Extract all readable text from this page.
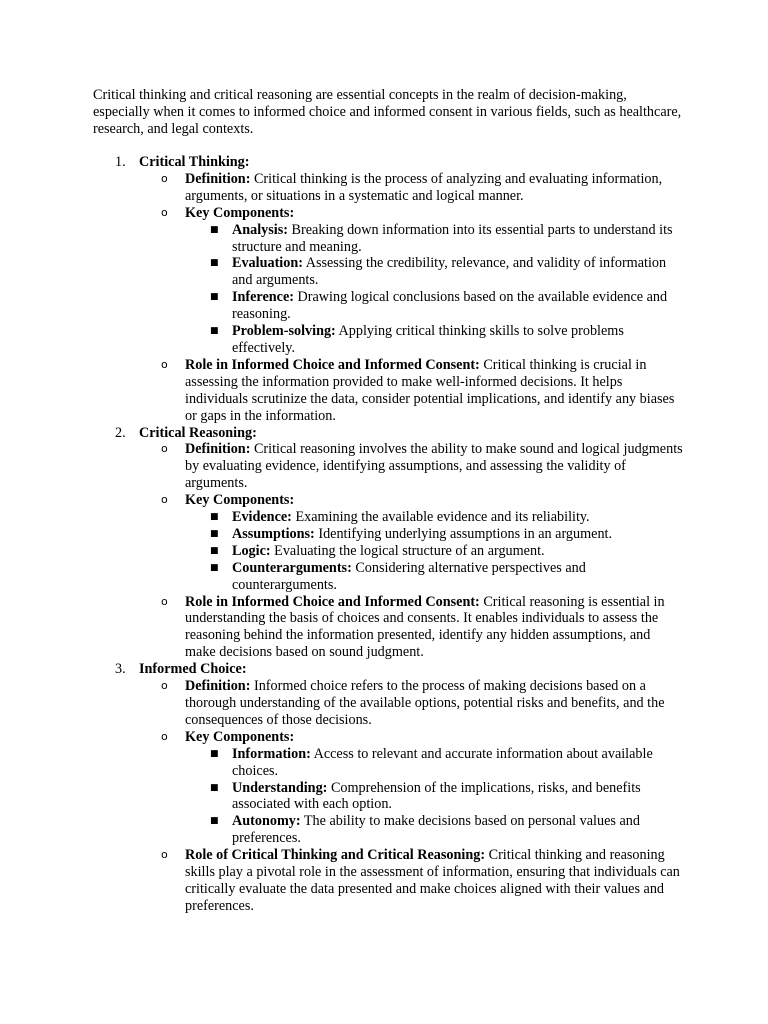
Critical thinking and critical reasoning are essential concepts in the realm of decision-making, especially when it comes to informed choice and informed consent in various fields, such as healthcare, research, and legal contexts.

1. Critical Thinking:
o Definition: Critical thinking is the process of analyzing and evaluating information, arguments, or situations in a systematic and logical manner.
o Key Components:
■ Analysis: Breaking down information into its essential parts to understand its structure and meaning.
■ Evaluation: Assessing the credibility, relevance, and validity of information and arguments.
■ Inference: Drawing logical conclusions based on the available evidence and reasoning.
■ Problem-solving: Applying critical thinking skills to solve problems effectively.
o Role in Informed Choice and Informed Consent: Critical thinking is crucial in assessing the information provided to make well-informed decisions. It helps individuals scrutinize the data, consider potential implications, and identify any biases or gaps in the information.
2. Critical Reasoning:
o Definition: Critical reasoning involves the ability to make sound and logical judgments by evaluating evidence, identifying assumptions, and assessing the validity of arguments.
o Key Components:
■ Evidence: Examining the available evidence and its reliability.
■ Assumptions: Identifying underlying assumptions in an argument.
■ Logic: Evaluating the logical structure of an argument.
■ Counterarguments: Considering alternative perspectives and counterarguments.
o Role in Informed Choice and Informed Consent: Critical reasoning is essential in understanding the basis of choices and consents. It enables individuals to assess the reasoning behind the information presented, identify any hidden assumptions, and make decisions based on sound judgment.
3. Informed Choice:
o Definition: Informed choice refers to the process of making decisions based on a thorough understanding of the available options, potential risks and benefits, and the consequences of those decisions.
o Key Components:
■ Information: Access to relevant and accurate information about available choices.
■ Understanding: Comprehension of the implications, risks, and benefits associated with each option.
■ Autonomy: The ability to make decisions based on personal values and preferences.
o Role of Critical Thinking and Critical Reasoning: Critical thinking and reasoning skills play a pivotal role in the assessment of information, ensuring that individuals can critically evaluate the data presented and make choices aligned with their values and preferences.
